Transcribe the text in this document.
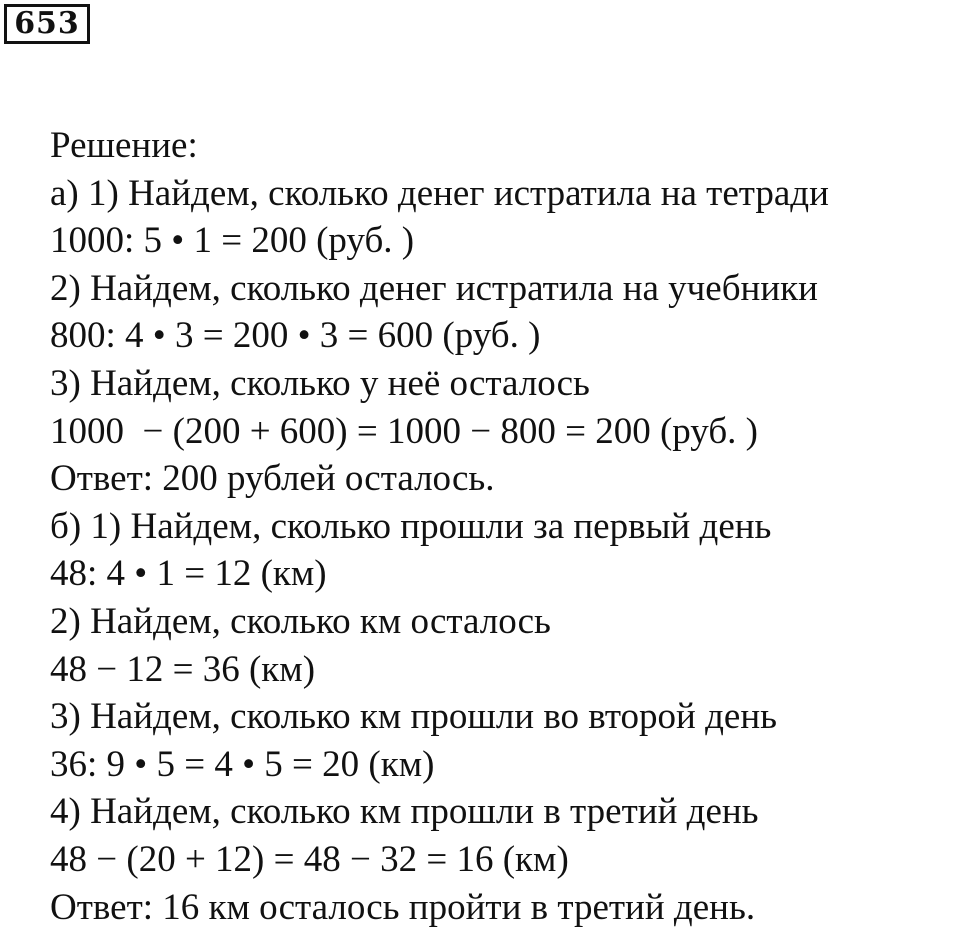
653
Решение:
а) 1) Найдем, сколько денег истратила на тетради
1000: 5 • 1 = 200 (руб. )
2) Найдем, сколько денег истратила на учебники
800: 4 • 3 = 200 • 3 = 600 (руб. )
3) Найдем, сколько у неё осталось
1000  − (200 + 600) = 1000 − 800 = 200 (руб. )
Ответ: 200 рублей осталось.
б) 1) Найдем, сколько прошли за первый день
48: 4 • 1 = 12 (км)
2) Найдем, сколько км осталось
48 − 12 = 36 (км)
3) Найдем, сколько км прошли во второй день
36: 9 • 5 = 4 • 5 = 20 (км)
4) Найдем, сколько км прошли в третий день
48 − (20 + 12) = 48 − 32 = 16 (км)
Ответ: 16 км осталось пройти в третий день.
